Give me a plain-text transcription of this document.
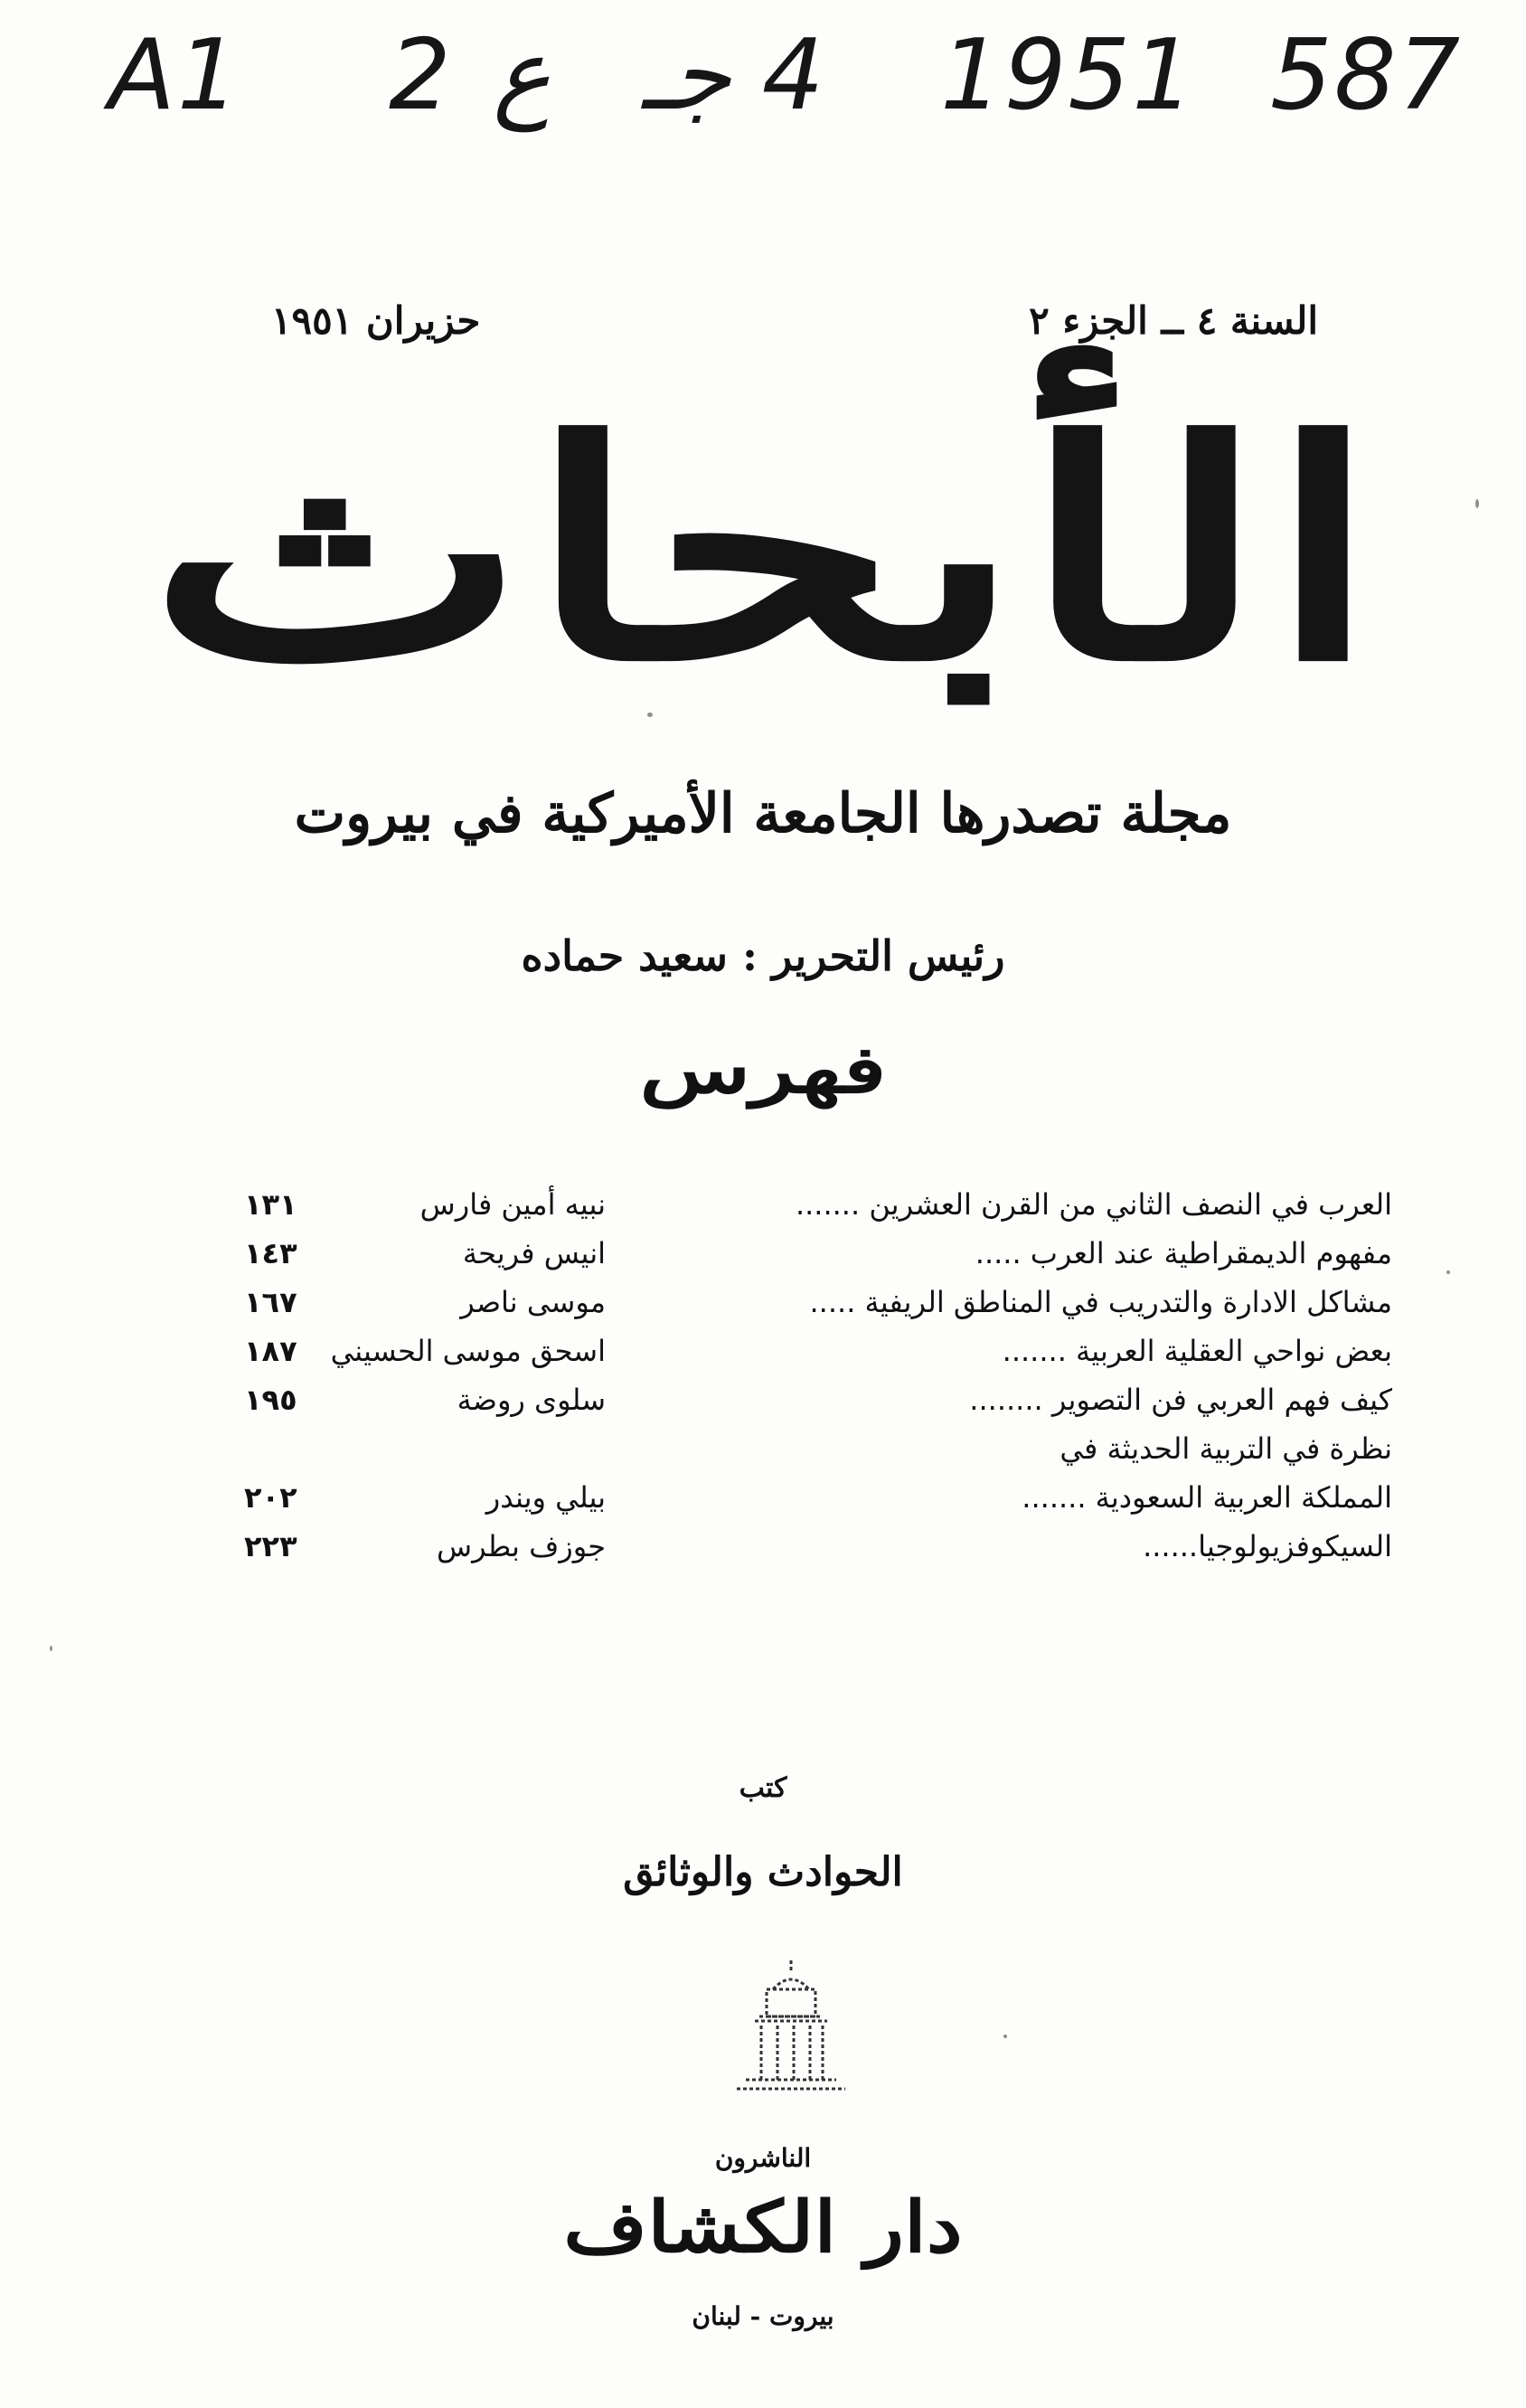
A1 2 ع 4 جـ 1951 587
السنة ٤ ــ الجزء ٢
حزيران ١٩٥١
الأبحاث
مجلة تصدرها الجامعة الأميركية في بيروت
رئيس التحرير : سعيد حماده
فهرس
العرب في النصف الثاني من القرن العشرين .......
نبيه أمين فارس
١٣١
مفهوم الديمقراطية عند العرب .....
انيس فريحة
١٤٣
مشاكل الادارة والتدريب في المناطق الريفية .....
موسى ناصر
١٦٧
بعض نواحي العقلية العربية .......
اسحق موسى الحسيني
١٨٧
كيف فهم العربي فن التصوير ........
سلوى روضة
١٩٥
نظرة في التربية الحديثة في
المملكة العربية السعودية .......
بيلي ويندر
٢٠٢
السيكوفزيولوجيا......
جوزف بطرس
٢٢٣
كتب
الحوادث والوثائق
الناشرون
دار الكشاف
بيروت - لبنان
